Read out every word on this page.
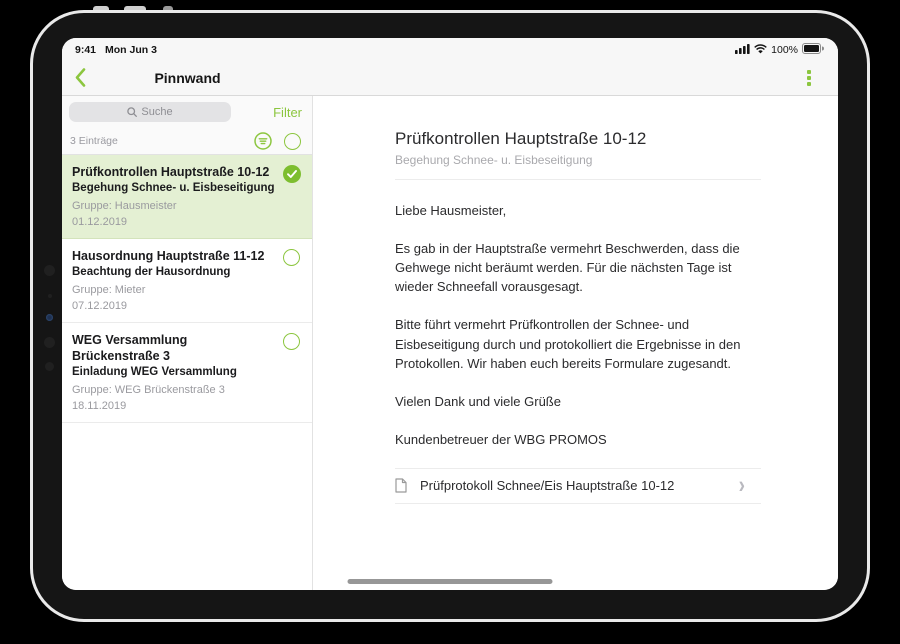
9:41 Mon Jun 3	100%
Pinnwand
Suche	Filter
3 Einträge
Prüfkontrollen Hauptstraße 10-12
Begehung Schnee- u. Eisbeseitigung
Gruppe: Hausmeister
01.12.2019
Hausordnung Hauptstraße 11-12
Beachtung der Hausordnung
Gruppe: Mieter
07.12.2019
WEG Versammlung Brückenstraße 3
Einladung WEG Versammlung
Gruppe: WEG Brückenstraße 3
18.11.2019
Prüfkontrollen Hauptstraße 10-12
Begehung Schnee- u. Eisbeseitigung

Liebe Hausmeister,

Es gab in der Hauptstraße vermehrt Beschwerden, dass die Gehwege nicht beräumt werden. Für die nächsten Tage ist wieder Schneefall vorausgesagt.

Bitte führt vermehrt Prüfkontrollen der Schnee- und Eisbeseitigung durch und protokolliert die Ergebnisse in den Protokollen. Wir haben euch bereits Formulare zugesandt.

Vielen Dank und viele Grüße

Kundenbetreuer der WBG PROMOS

Prüfprotokoll Schnee/Eis Hauptstraße 10-12	›
